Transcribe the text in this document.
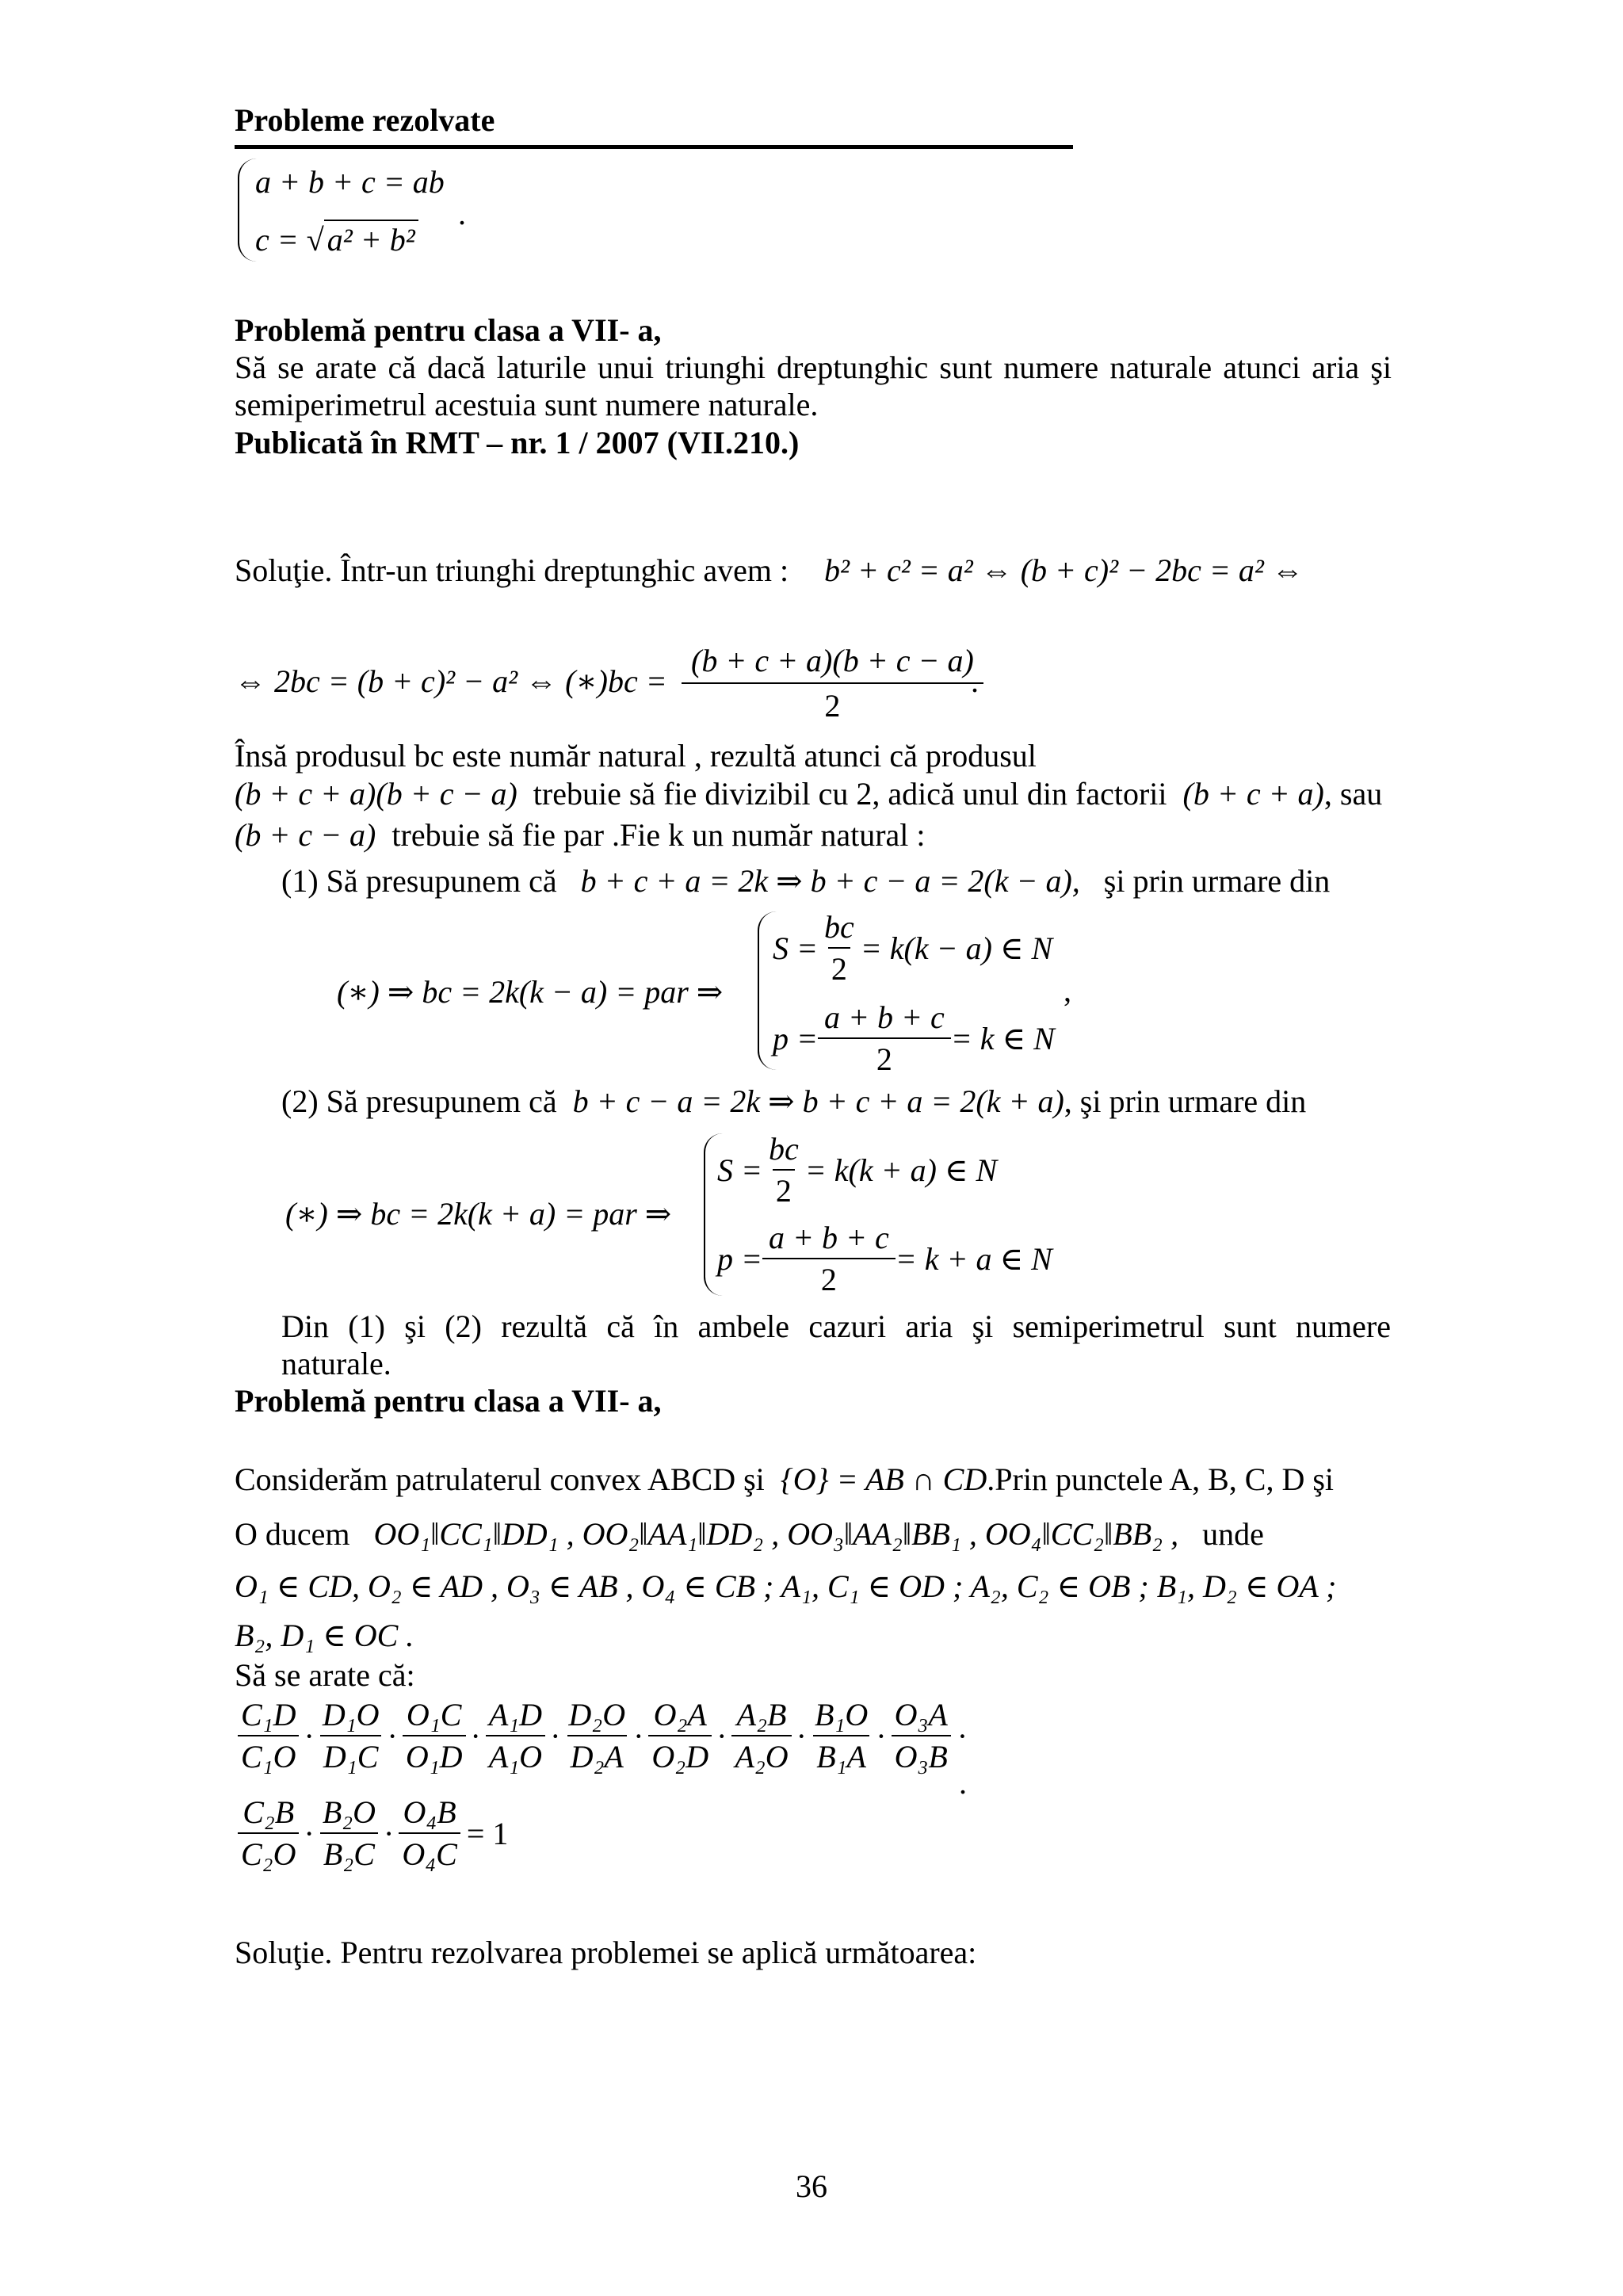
Probleme rezolvate
a + b + c = ab
c = √ a² + b²
.
Problemă pentru clasa a VII- a,
Să se arate că dacă laturile unui triunghi dreptunghic sunt numere naturale atunci aria şi
semiperimetrul acestuia sunt numere naturale.
Publicată în RMT – nr. 1 / 2007 (VII.210.)
Soluţie. Într-un triunghi dreptunghic avem : b² + c² = a² ⇔ (b + c)² − 2bc = a² ⇔
⇔ 2bc = (b + c)² − a² ⇔ (∗)bc =
(b + c + a)(b + c − a)
2
.
Însă produsul bc este număr natural , rezultă atunci că produsul
(b + c + a)(b + c − a) trebuie să fie divizibil cu 2, adică unul din factorii (b + c + a), sau
(b + c − a) trebuie să fie par .Fie k un număr natural :
(1) Să presupunem că b + c + a = 2k ⇒ b + c − a = 2(k − a), şi prin urmare din
(∗) ⇒ bc = 2k(k − a) = par ⇒
$S = \frac{bc}{2} = k(k - a)$ ∈ N
$p = \frac{a + b + c}{2} = k$ ∈ N
,
(2) Să presupunem că b + c − a = 2k ⇒ b + c + a = 2(k + a), şi prin urmare din
(∗) ⇒ bc = 2k(k + a) = par ⇒
$S = \frac{bc}{2} = k(k + a)$ ∈ N
$p = \frac{a + b + c}{2} = k + a$ ∈ N
Din (1) şi (2) rezultă că în ambele cazuri aria şi semiperimetrul sunt numere
naturale.
Problemă pentru clasa a VII- a,
Considerăm patrulaterul convex ABCD şi {O} = AB ∩ CD.Prin punctele A, B, C, D şi
O ducem OO₁‖CC₁‖DD₁ , OO₂‖AA₁‖DD₂ , OO₃‖AA₂‖BB₁ , OO₄‖CC₂‖BB₂ , unde
O₁ ∈ CD, O₂ ∈ AD , O₃ ∈ AB , O₄ ∈ CB ; A₁, C₁ ∈ OD ; A₂, C₂ ∈ OB ; B₁, D₂ ∈ OA ;
B₂, D₁ ∈ OC .
Să se arate că:
$\frac{\text{C₁D}}{\text{C₁O}} \cdot \frac{\text{D₁O}}{\text{D₁C}} \cdot \frac{\text{O₁C}}{\text{O₁D}} \cdot \frac{\text{A₁D}}{\text{A₁O}} \cdot \frac{\text{D₂O}}{\text{D₂A}} \cdot \frac{\text{O₂A}}{\text{O₂D}} \cdot \frac{\text{A₂B}}{\text{A₂O}} \cdot \frac{\text{B₁O}}{\text{B₁A}} \cdot \frac{\text{O₃A}}{\text{O₃B}}$ ·
.
$\frac{\text{C₂B}}{\text{C₂O}} \cdot \frac{\text{B₂O}}{\text{B₂C}} \cdot \frac{\text{O₄B}}{\text{O₄C}} = 1$
Soluţie. Pentru rezolvarea problemei se aplică următoarea:
36
